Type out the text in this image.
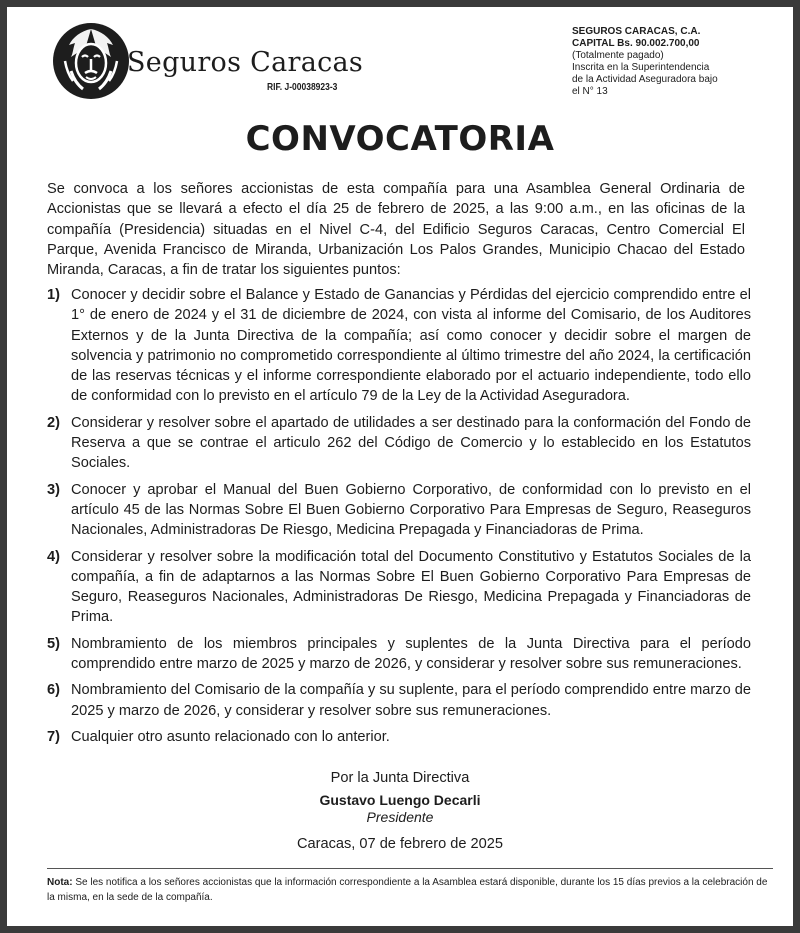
Seguros Caracas
RIF. J-00038923-3
SEGUROS CARACAS, C.A.
CAPITAL Bs. 90.002.700,00
(Totalmente pagado)
Inscrita en la Superintendencia
de la Actividad Aseguradora bajo
el N° 13
CONVOCATORIA
Se convoca a los señores accionistas de esta compañía para una Asamblea General Ordinaria de Accionistas que se llevará a efecto el día 25 de febrero de 2025, a las 9:00 a.m., en las oficinas de la compañía (Presidencia) situadas en el Nivel C-4, del Edificio Seguros Caracas, Centro Comercial El Parque, Avenida Francisco de Miranda, Urbanización Los Palos Grandes, Municipio Chacao del Estado Miranda, Caracas, a fin de tratar los siguientes puntos:
1) Conocer y decidir sobre el Balance y Estado de Ganancias y Pérdidas del ejercicio comprendido entre el 1° de enero de 2024 y el 31 de diciembre de 2024, con vista al informe del Comisario, de los Auditores Externos y de la Junta Directiva de la compañía; así como conocer y decidir sobre el margen de solvencia y patrimonio no comprometido correspondiente al último trimestre del año 2024, la certificación de las reservas técnicas y el informe correspondiente elaborado por el actuario independiente, todo ello de conformidad con lo previsto en el artículo 79 de la Ley de la Actividad Aseguradora.
2) Considerar y resolver sobre el apartado de utilidades a ser destinado para la conformación del Fondo de Reserva a que se contrae el articulo 262 del Código de Comercio y lo establecido en los Estatutos Sociales.
3) Conocer y aprobar el Manual del Buen Gobierno Corporativo, de conformidad con lo previsto en el artículo 45 de las Normas Sobre El Buen Gobierno Corporativo Para Empresas de Seguro, Reaseguros Nacionales, Administradoras De Riesgo, Medicina Prepagada y Financiadoras de Prima.
4) Considerar y resolver sobre la modificación total del Documento Constitutivo y Estatutos Sociales de la compañía, a fin de adaptarnos a las Normas Sobre El Buen Gobierno Corporativo Para Empresas de Seguro, Reaseguros Nacionales, Administradoras De Riesgo, Medicina Prepagada y Financiadoras de Prima.
5) Nombramiento de los miembros principales y suplentes de la Junta Directiva para el período comprendido entre marzo de 2025 y marzo de 2026, y considerar y resolver sobre sus remuneraciones.
6) Nombramiento del Comisario de la compañía y su suplente, para el período comprendido entre marzo de 2025 y marzo de 2026, y considerar y resolver sobre sus remuneraciones.
7) Cualquier otro asunto relacionado con lo anterior.
Por la Junta Directiva
Gustavo Luengo Decarli
Presidente
Caracas, 07 de febrero de 2025
Nota: Se les notifica a los señores accionistas que la información correspondiente a la Asamblea estará disponible, durante los 15 días previos a la celebración de la misma, en la sede de la compañía.
